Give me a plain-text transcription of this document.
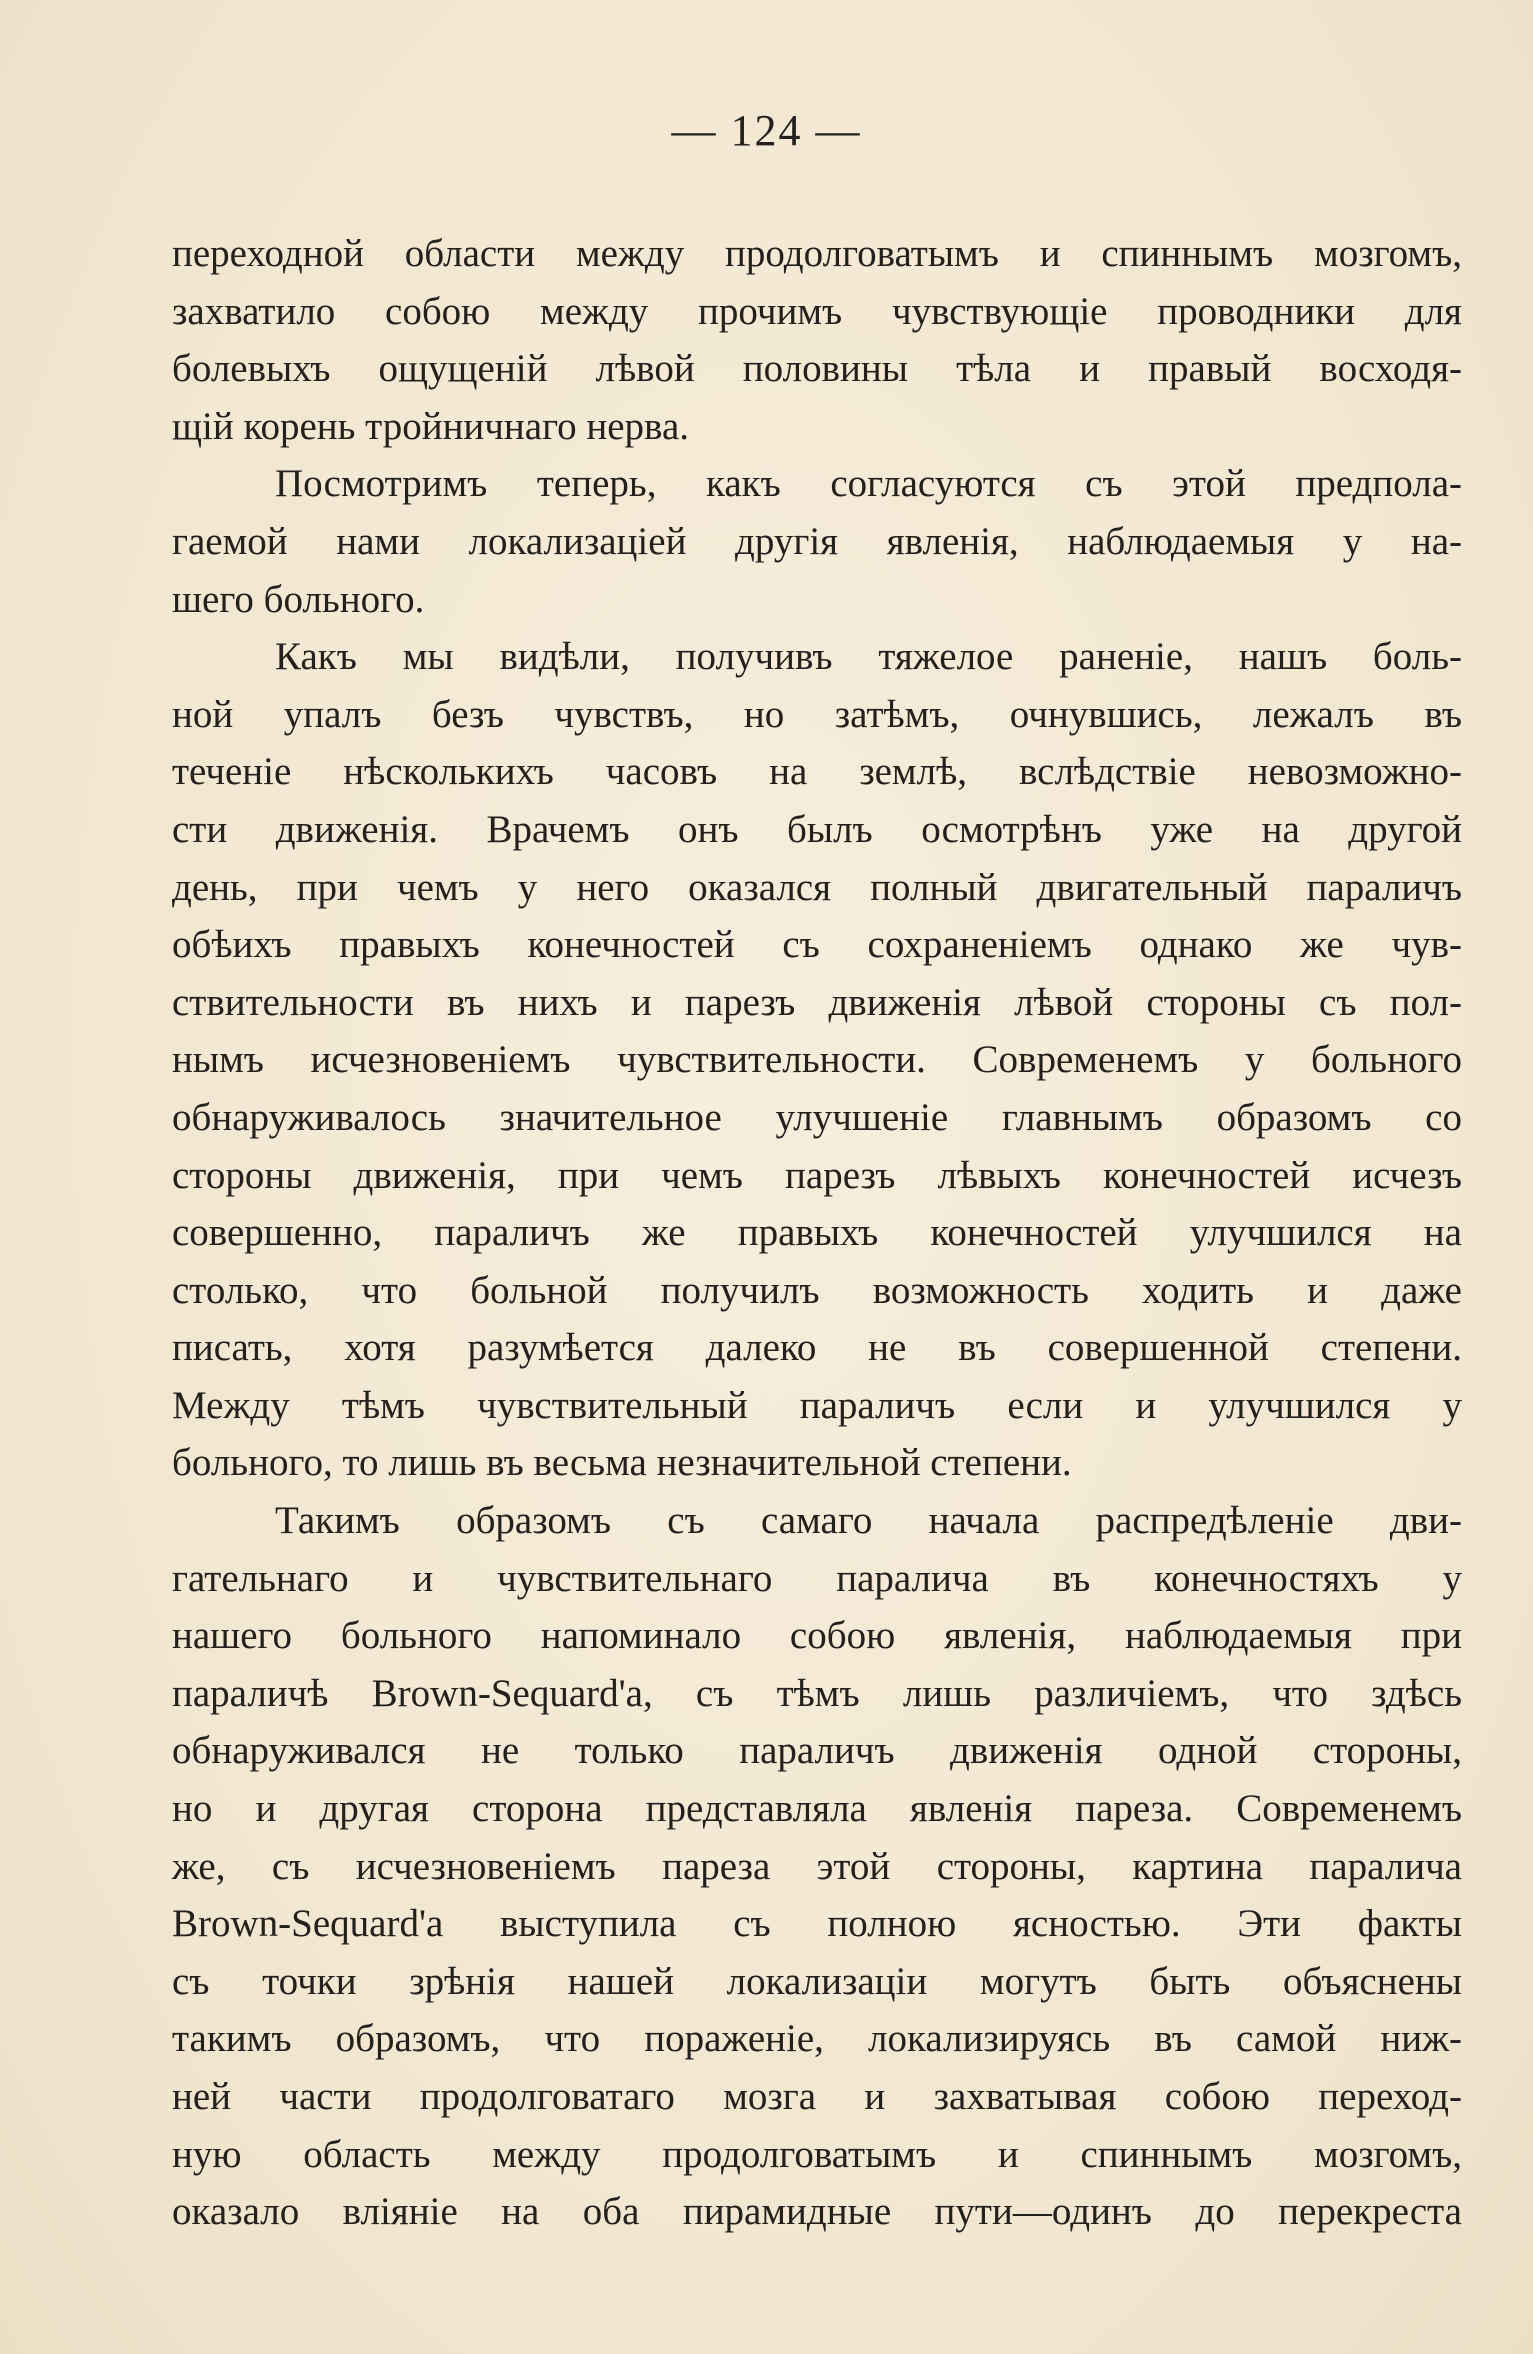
— 124 —
переходной области между продолговатымъ и спиннымъ мозгомъ,
захватило собою между прочимъ чувствующіе проводники для
болевыхъ ощущеній лѣвой половины тѣла и правый восходя-
щій корень тройничнаго нерва.
Посмотримъ теперь, какъ согласуются съ этой предпола-
гаемой нами локализаціей другія явленія, наблюдаемыя у на-
шего больного.
Какъ мы видѣли, получивъ тяжелое раненіе, нашъ боль-
ной упалъ безъ чувствъ, но затѣмъ, очнувшись, лежалъ въ
теченіе нѣсколькихъ часовъ на землѣ, вслѣдствіе невозможно-
сти движенія. Врачемъ онъ былъ осмотрѣнъ уже на другой
день, при чемъ у него оказался полный двигательный параличъ
обѣихъ правыхъ конечностей съ сохраненіемъ однако же чув-
ствительности въ нихъ и парезъ движенія лѣвой стороны съ пол-
нымъ исчезновеніемъ чувствительности. Современемъ у больного
обнаруживалось значительное улучшеніе главнымъ образомъ со
стороны движенія, при чемъ парезъ лѣвыхъ конечностей исчезъ
совершенно, параличъ же правыхъ конечностей улучшился на
столько, что больной получилъ возможность ходить и даже
писать, хотя разумѣется далеко не въ совершенной степени.
Между тѣмъ чувствительный параличъ если и улучшился у
больного, то лишь въ весьма незначительной степени.
Такимъ образомъ съ самаго начала распредѣленіе дви-
гательнаго и чувствительнаго паралича въ конечностяхъ у
нашего больного напоминало собою явленія, наблюдаемыя при
параличѣ Brown-Sequard'а, съ тѣмъ лишь различіемъ, что здѣсь
обнаруживался не только параличъ движенія одной стороны,
но и другая сторона представляла явленія пареза. Современемъ
же, съ исчезновеніемъ пареза этой стороны, картина паралича
Brown-Sequard'а выступила съ полною ясностью. Эти факты
съ точки зрѣнія нашей локализаціи могутъ быть объяснены
такимъ образомъ, что пораженіе, локализируясь въ самой ниж-
ней части продолговатаго мозга и захватывая собою переход-
ную область между продолговатымъ и спиннымъ мозгомъ,
оказало вліяніе на оба пирамидные пути—одинъ до перекреста
